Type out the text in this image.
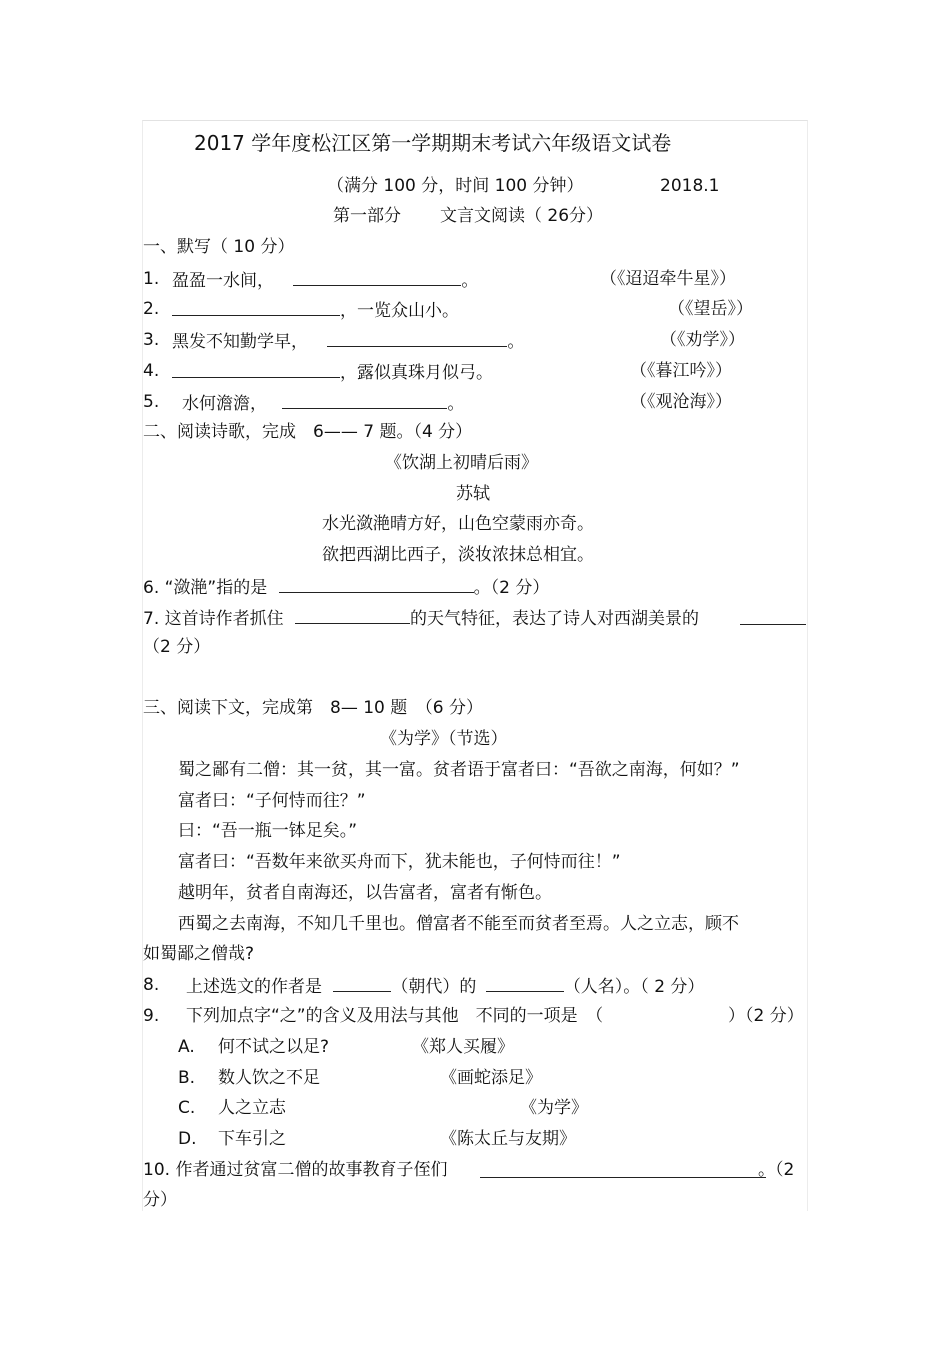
2017 学年度松江区第一学期期末考试六年级语文试卷
（满分 100 分，时间 100 分钟）	2018.1
第一部分 文言文阅读（ 26分）
一、默写（ 10 分）
1. 盈盈一水间，	。	（《迢迢牵牛星》）
2.	，一览众山小。	（《望岳》）
3. 黑发不知勤学早，	。	（《劝学》）
4.	，露似真珠月似弓。	（《暮江吟》）
5. 水何澹澹，	。	（《观沧海》）
二、阅读诗歌，完成　6—— 7 题。（4 分）
《饮湖上初晴后雨》
苏轼
水光潋滟晴方好，山色空蒙雨亦奇。
欲把西湖比西子，淡妆浓抹总相宜。
6. “潋滟”指的是	。（2 分）
7. 这首诗作者抓住	的天气特征，表达了诗人对西湖美景的
（2 分）
三、阅读下文，完成第　8— 10 题　（6 分）
《为学》（节选）
蜀之鄙有二僧：其一贫，其一富。贫者语于富者曰：“吾欲之南海，何如？”
富者曰：“子何恃而往？”
曰：“吾一瓶一钵足矣。”
富者曰：“吾数年来欲买舟而下，犹未能也，子何恃而往！”
越明年，贫者自南海还，以告富者，富者有惭色。
西蜀之去南海，不知几千里也。僧富者不能至而贫者至焉。人之立志，顾不
如蜀鄙之僧哉?
8. 上述选文的作者是	（朝代）的	（人名）。（ 2 分）
9. 下列加点字“之”的含义及用法与其他　不同的一项是　（	）（2 分）
A. 何不试之以足?	《郑人买履》
B. 数人饮之不足	《画蛇添足》
C. 人之立志	《为学》
D. 下车引之	《陈太丘与友期》
10. 作者通过贫富二僧的故事教育子侄们	。（2
分）
